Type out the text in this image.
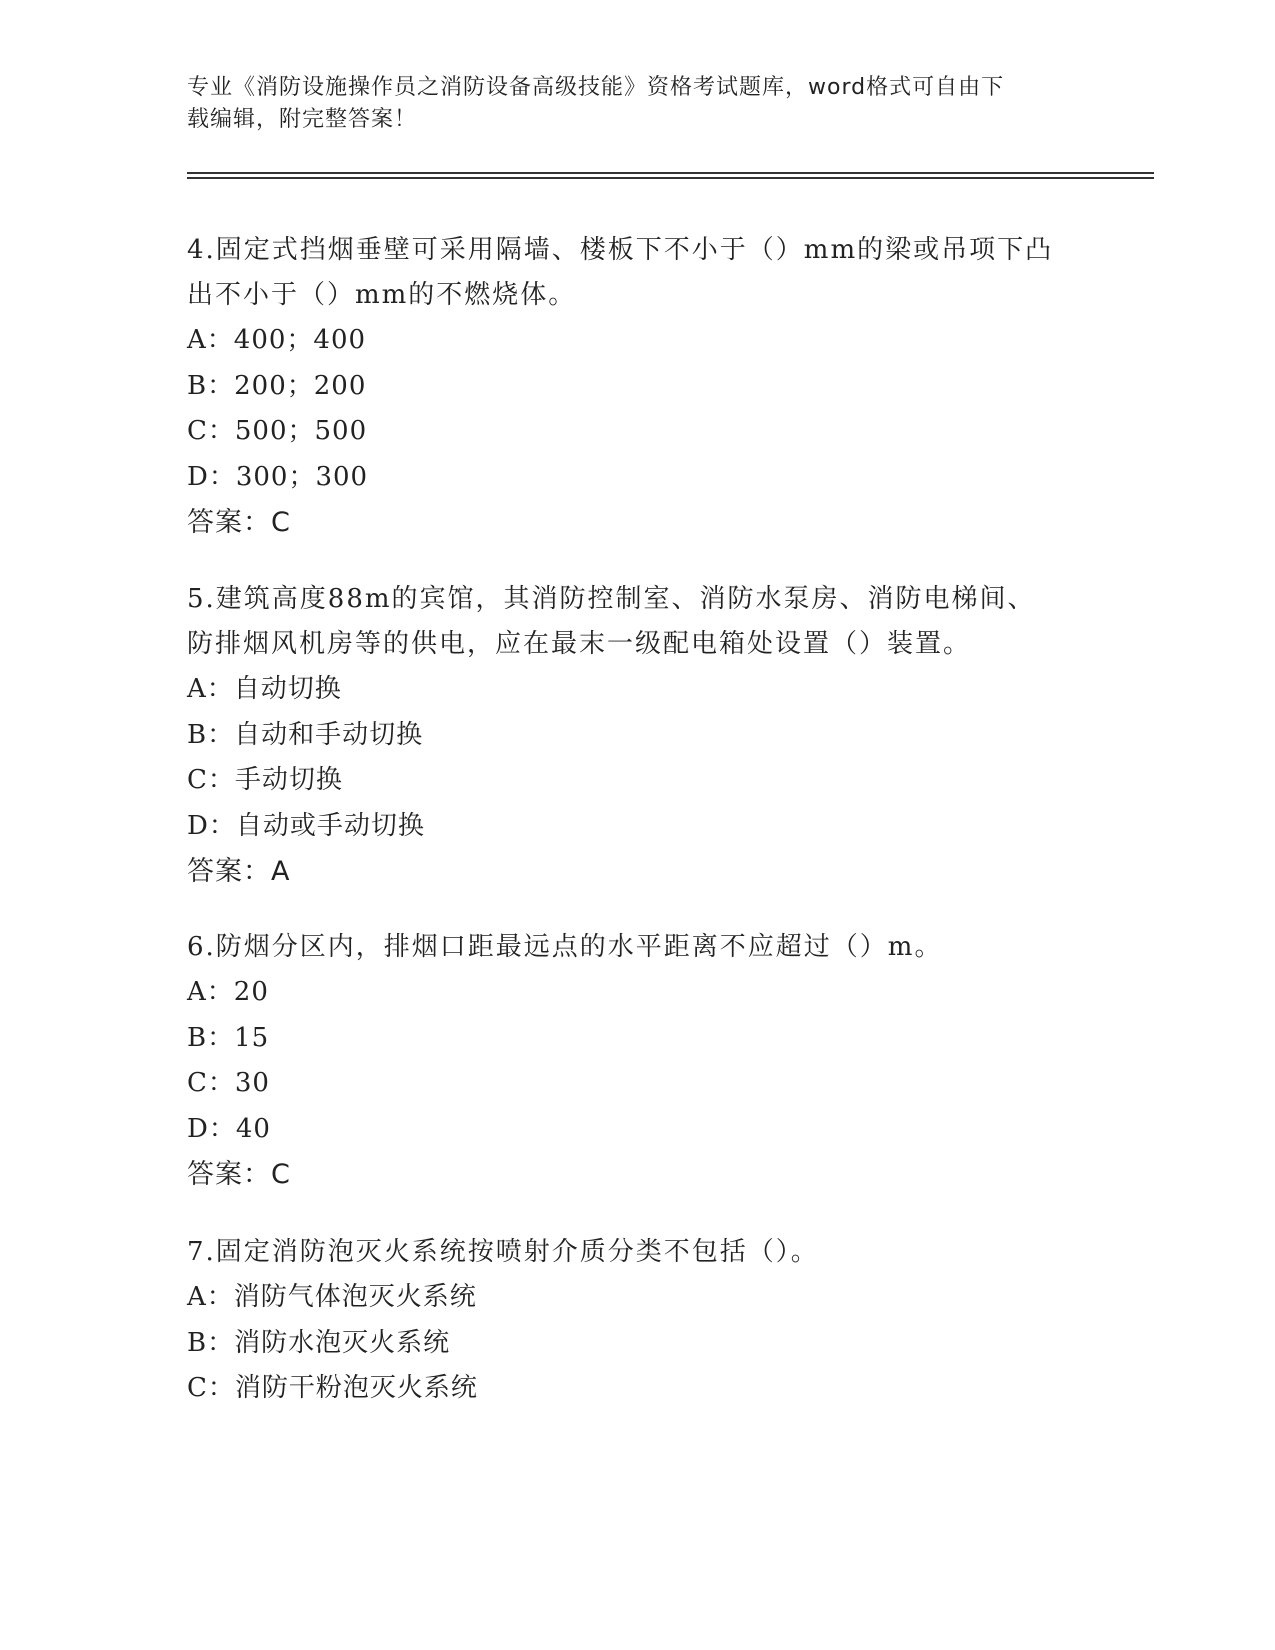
专业《消防设施操作员之消防设备高级技能》资格考试题库，word格式可自由下
载编辑，附完整答案！

4.固定式挡烟垂壁可采用隔墙、楼板下不小于（）mm的梁或吊项下凸

出不小于（）mm的不燃烧体。

A：400；400

B：200；200

C：500；500

D：300；300

答案：C

5.建筑高度88m的宾馆，其消防控制室、消防水泵房、消防电梯间、

防排烟风机房等的供电，应在最末一级配电箱处设置（）装置。

A：自动切换

B：自动和手动切换

C：手动切换

D：自动或手动切换

答案：A

6.防烟分区内，排烟口距最远点的水平距离不应超过（）m。

A：20

B：15

C：30

D：40

答案：C

7.固定消防泡灭火系统按喷射介质分类不包括（）。

A：消防气体泡灭火系统

B：消防水泡灭火系统

C：消防干粉泡灭火系统
